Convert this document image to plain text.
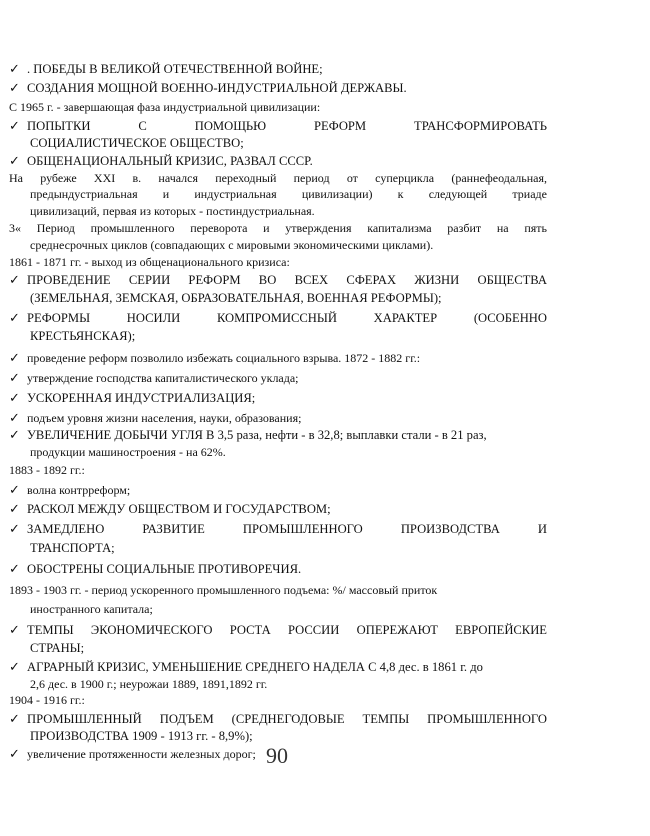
✓ . ПОБЕДЫ В ВЕЛИКОЙ ОТЕЧЕСТВЕННОЙ ВОЙНЕ;
✓ СОЗДАНИЯ МОЩНОЙ ВОЕННО-ИНДУСТРИАЛЬНОЙ ДЕРЖАВЫ.
С 1965 г. - завершающая фаза индустриальной цивилизации:
✓ ПОПЫТКИ С ПОМОЩЬЮ РЕФОРМ ТРАНСФОРМИРОВАТЬ
СОЦИАЛИСТИЧЕСКОЕ ОБЩЕСТВО;
✓ ОБЩЕНАЦИОНАЛЬНЫЙ КРИЗИС, РАЗВАЛ СССР.
На рубеже XXI в. начался переходный период от суперцикла (раннефеодальная,
предындустриальная и индустриальная цивилизации) к следующей триаде
цивилизаций, первая из которых - постиндустриальная.
3« Период промышленного переворота и утверждения капитализма разбит на пять
среднесрочных циклов (совпадающих с мировыми экономическими циклами).
1861 - 1871 гг. - выход из общенационального кризиса:
✓ ПРОВЕДЕНИЕ СЕРИИ РЕФОРМ ВО ВСЕХ СФЕРАХ ЖИЗНИ ОБЩЕСТВА
(ЗЕМЕЛЬНАЯ, ЗЕМСКАЯ, ОБРАЗОВАТЕЛЬНАЯ, ВОЕННАЯ РЕФОРМЫ);
✓ РЕФОРМЫ НОСИЛИ КОМПРОМИССНЫЙ ХАРАКТЕР (ОСОБЕННО
КРЕСТЬЯНСКАЯ);
✓ проведение реформ позволило избежать социального взрыва. 1872 - 1882 гг.:
✓ утверждение господства капиталистического уклада;
✓ УСКОРЕННАЯ ИНДУСТРИАЛИЗАЦИЯ;
✓ подъем уровня жизни населения, науки, образования;
✓ УВЕЛИЧЕНИЕ ДОБЫЧИ УГЛЯ В 3,5 раза, нефти - в 32,8; выплавки стали - в 21 раз,
продукции машиностроения - на 62%.
1883 - 1892 гг.:
✓ волна контрреформ;
✓ РАСКОЛ МЕЖДУ ОБЩЕСТВОМ И ГОСУДАРСТВОМ;
✓ ЗАМЕДЛЕНО РАЗВИТИЕ ПРОМЫШЛЕННОГО ПРОИЗВОДСТВА И
ТРАНСПОРТА;
✓ ОБОСТРЕНЫ СОЦИАЛЬНЫЕ ПРОТИВОРЕЧИЯ.
1893 - 1903 гг. - период ускоренного промышленного подъема: %/ массовый приток
иностранного капитала;
✓ ТЕМПЫ ЭКОНОМИЧЕСКОГО РОСТА РОССИИ ОПЕРЕЖАЮТ ЕВРОПЕЙСКИЕ
СТРАНЫ;
✓ АГРАРНЫЙ КРИЗИС, УМЕНЬШЕНИЕ СРЕДНЕГО НАДЕЛА С 4,8 дес. в 1861 г. до
2,6 дес. в 1900 г.; неурожаи 1889, 1891,1892 гг.
1904 - 1916 гг.:
✓ ПРОМЫШЛЕННЫЙ ПОДЪЕМ (СРЕДНЕГОДОВЫЕ ТЕМПЫ ПРОМЫШЛЕННОГО
ПРОИЗВОДСТВА 1909 - 1913 гг. - 8,9%);
✓ увеличение протяженности железных дорог; 90
